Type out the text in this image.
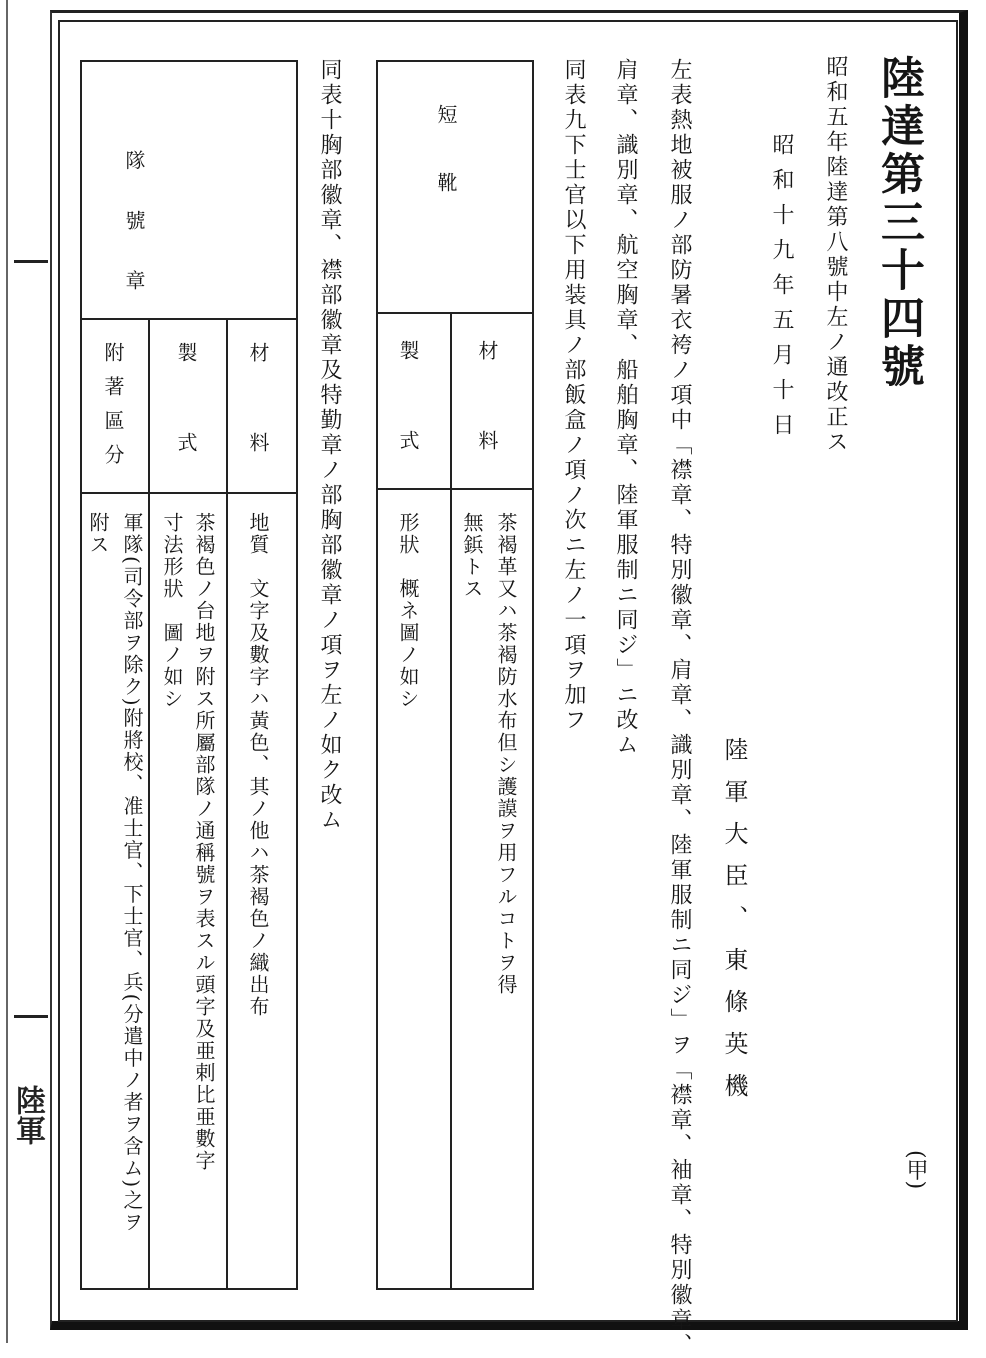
陸軍
陸達第三十四號
昭和五年陸達第八號中左ノ通改正ス
昭和十九年五月十日
陸軍大臣、東條英機
(甲)
左表熱地被服ノ部防暑衣袴ノ項中「襟章、特別徽章、肩章、識別章、陸軍服制ニ同ジ」ヲ「襟章、袖章、特別徽章、
肩章、識別章、航空胸章、船舶胸章、陸軍服制ニ同ジ」ニ改ム
同表九下士官以下用装具ノ部飯盒ノ項ノ次ニ左ノ一項ヲ加フ
短靴
材料
製式
茶褐革又ハ茶褐防水布但シ護謨ヲ用フルコトヲ得
無鋲トス
形狀　概ネ圖ノ如シ
同表十胸部徽章、襟部徽章及特勤章ノ部胸部徽章ノ項ヲ左ノ如ク改ム
隊號章
材料
製式
附著區分
地質　文字及數字ハ黃色、其ノ他ハ茶褐色ノ織出布
茶褐色ノ台地ヲ附ス所屬部隊ノ通稱號ヲ表スル頭字及亜剌比亜數字
寸法形狀　圖ノ如シ
軍隊(司令部ヲ除ク)附將校、准士官、下士官、兵(分遣中ノ者ヲ含ム)之ヲ
附ス
